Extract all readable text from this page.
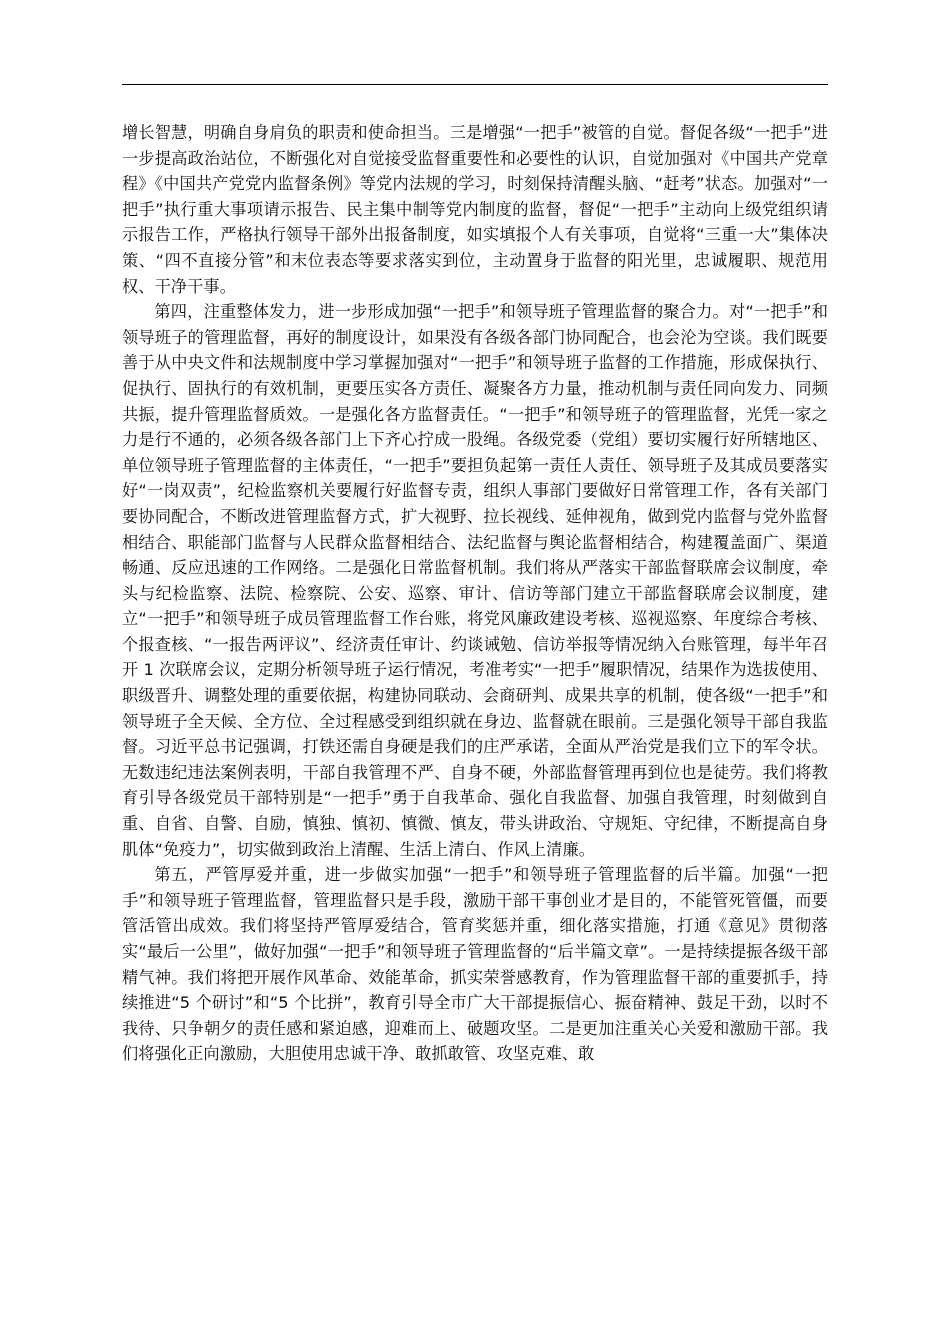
增长智慧，明确自身肩负的职责和使命担当。三是增强“一把手”被管的自觉。督促各级“一把手”进一步提高政治站位，不断强化对自觉接受监督重要性和必要性的认识，自觉加强对《中国共产党章程》《中国共产党党内监督条例》等党内法规的学习，时刻保持清醒头脑、“赶考”状态。加强对“一把手”执行重大事项请示报告、民主集中制等党内制度的监督，督促“一把手”主动向上级党组织请示报告工作，严格执行领导干部外出报备制度，如实填报个人有关事项，自觉将“三重一大”集体决策、“四不直接分管”和末位表态等要求落实到位，主动置身于监督的阳光里，忠诚履职、规范用权、干净干事。

第四，注重整体发力，进一步形成加强“一把手”和领导班子管理监督的聚合力。对“一把手”和领导班子的管理监督，再好的制度设计，如果没有各级各部门协同配合，也会沦为空谈。我们既要善于从中央文件和法规制度中学习掌握加强对“一把手”和领导班子监督的工作措施，形成保执行、促执行、固执行的有效机制，更要压实各方责任、凝聚各方力量，推动机制与责任同向发力、同频共振，提升管理监督质效。一是强化各方监督责任。“一把手”和领导班子的管理监督，光凭一家之力是行不通的，必须各级各部门上下齐心拧成一股绳。各级党委（党组）要切实履行好所辖地区、单位领导班子管理监督的主体责任，“一把手”要担负起第一责任人责任、领导班子及其成员要落实好“一岗双责”，纪检监察机关要履行好监督专责，组织人事部门要做好日常管理工作，各有关部门要协同配合，不断改进管理监督方式，扩大视野、拉长视线、延伸视角，做到党内监督与党外监督相结合、职能部门监督与人民群众监督相结合、法纪监督与舆论监督相结合，构建覆盖面广、渠道畅通、反应迅速的工作网络。二是强化日常监督机制。我们将从严落实干部监督联席会议制度，牵头与纪检监察、法院、检察院、公安、巡察、审计、信访等部门建立干部监督联席会议制度，建立“一把手”和领导班子成员管理监督工作台账，将党风廉政建设考核、巡视巡察、年度综合考核、个报查核、“一报告两评议”、经济责任审计、约谈诫勉、信访举报等情况纳入台账管理，每半年召开 1 次联席会议，定期分析领导班子运行情况，考准考实“一把手”履职情况，结果作为选拔使用、职级晋升、调整处理的重要依据，构建协同联动、会商研判、成果共享的机制，使各级“一把手”和领导班子全天候、全方位、全过程感受到组织就在身边、监督就在眼前。三是强化领导干部自我监督。习近平总书记强调，打铁还需自身硬是我们的庄严承诺，全面从严治党是我们立下的军令状。无数违纪违法案例表明，干部自我管理不严、自身不硬，外部监督管理再到位也是徒劳。我们将教育引导各级党员干部特别是“一把手”勇于自我革命、强化自我监督、加强自我管理，时刻做到自重、自省、自警、自励，慎独、慎初、慎微、慎友，带头讲政治、守规矩、守纪律，不断提高自身肌体“免疫力”，切实做到政治上清醒、生活上清白、作风上清廉。

第五，严管厚爱并重，进一步做实加强“一把手”和领导班子管理监督的后半篇。加强“一把手”和领导班子管理监督，管理监督只是手段，激励干部干事创业才是目的，不能管死管僵，而要管活管出成效。我们将坚持严管厚爱结合，管育奖惩并重，细化落实措施，打通《意见》贯彻落实“最后一公里”，做好加强“一把手”和领导班子管理监督的“后半篇文章”。一是持续提振各级干部精气神。我们将把开展作风革命、效能革命，抓实荣誉感教育，作为管理监督干部的重要抓手，持续推进“5 个研讨”和“5 个比拼”，教育引导全市广大干部提振信心、振奋精神、鼓足干劲，以时不我待、只争朝夕的责任感和紧迫感，迎难而上、破题攻坚。二是更加注重关心关爱和激励干部。我们将强化正向激励，大胆使用忠诚干净、敢抓敢管、攻坚克难、敢
